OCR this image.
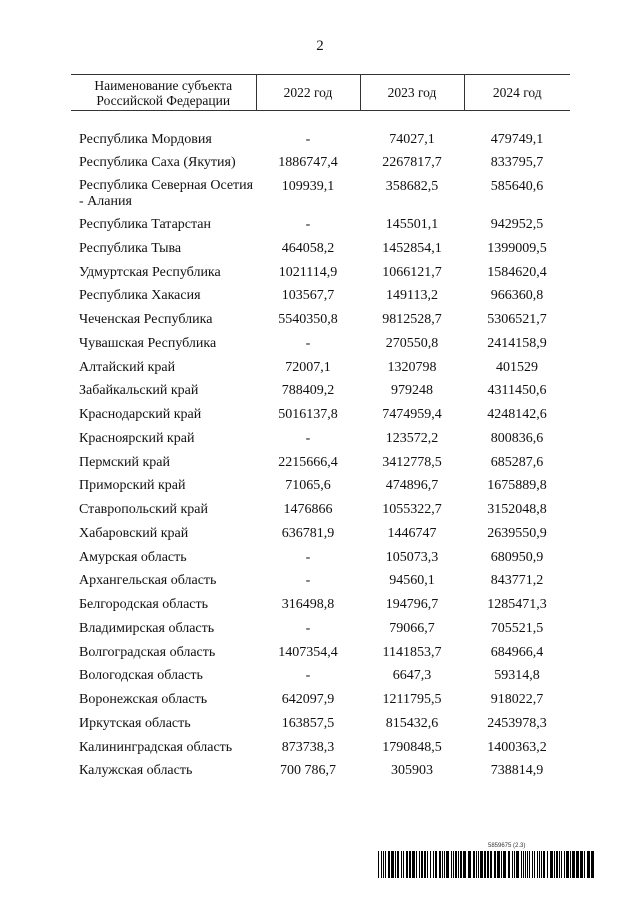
2
Наименование субъекта Российской Федерации	2022 год	2023 год	2024 год

Республика Мордовия	-	74027,1	479749,1
Республика Саха (Якутия)	1886747,4	2267817,7	833795,7
Республика Северная Осетия - Алания	109939,1	358682,5	585640,6
Республика Татарстан	-	145501,1	942952,5
Республика Тыва	464058,2	1452854,1	1399009,5
Удмуртская Республика	1021114,9	1066121,7	1584620,4
Республика Хакасия	103567,7	149113,2	966360,8
Чеченская Республика	5540350,8	9812528,7	5306521,7
Чувашская Республика	-	270550,8	2414158,9
Алтайский край	72007,1	1320798	401529
Забайкальский край	788409,2	979248	4311450,6
Краснодарский край	5016137,8	7474959,4	4248142,6
Красноярский край	-	123572,2	800836,6
Пермский край	2215666,4	3412778,5	685287,6
Приморский край	71065,6	474896,7	1675889,8
Ставропольский край	1476866	1055322,7	3152048,8
Хабаровский край	636781,9	1446747	2639550,9
Амурская область	-	105073,3	680950,9
Архангельская область	-	94560,1	843771,2
Белгородская область	316498,8	194796,7	1285471,3
Владимирская область	-	79066,7	705521,5
Волгоградская область	1407354,4	1141853,7	684966,4
Вологодская область	-	6647,3	59314,8
Воронежская область	642097,9	1211795,5	918022,7
Иркутская область	163857,5	815432,6	2453978,3
Калининградская область	873738,3	1790848,5	1400363,2
Калужская область	700 786,7	305903	738814,9
5859675 (2.3)
